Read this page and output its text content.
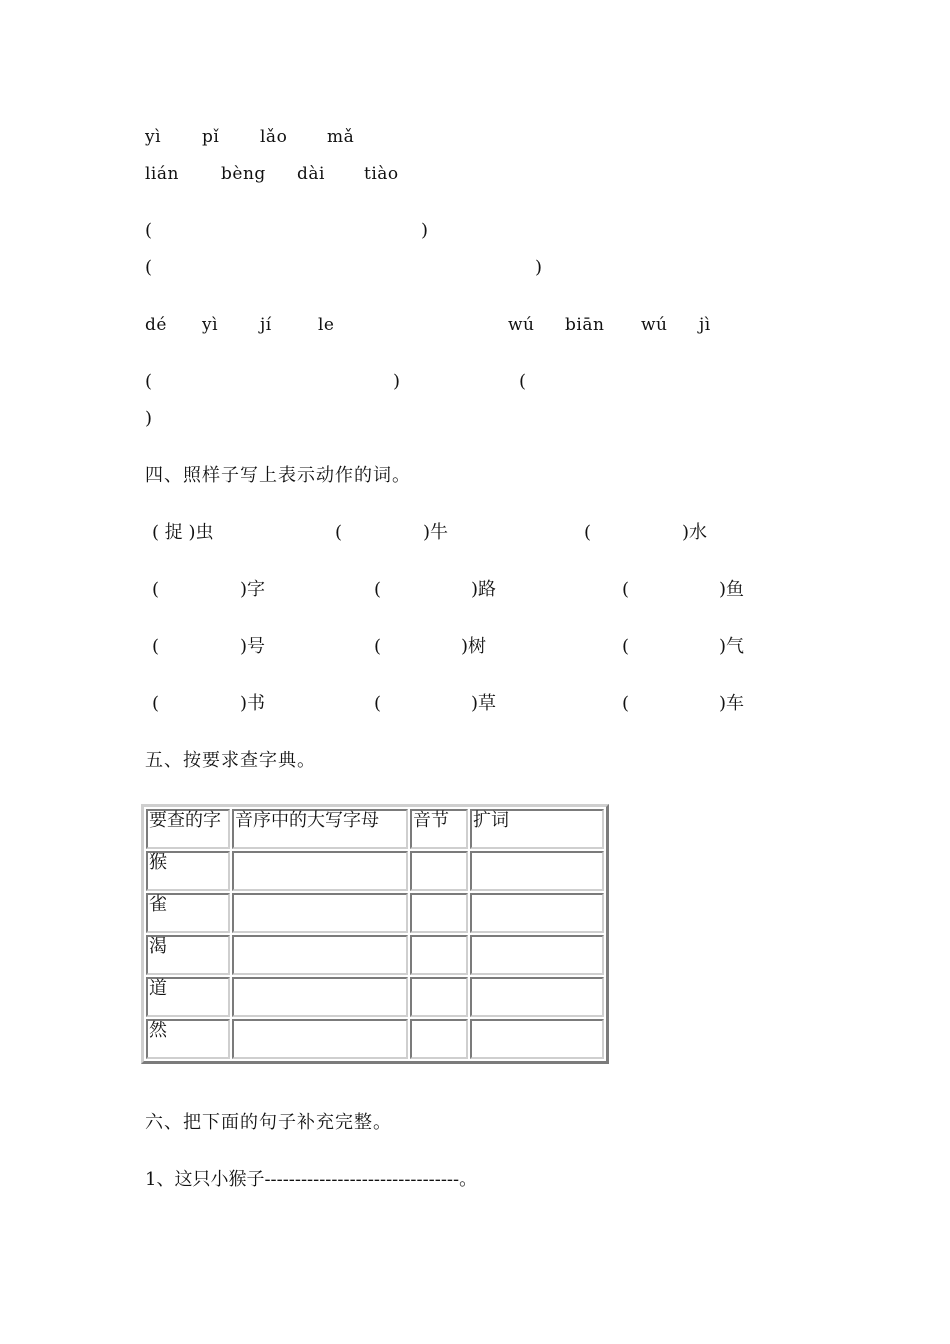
yì pǐ lǎo mǎ
lián bèng dài tiào
(	)
(	)
dé yì jí	le	wú biān wú jì
(	)	(
)
四、照样子写上表示动作的词。
( 捉 )虫	(	)牛	(	)水
(	)字	(	)路	(	)鱼
(	)号	(	)树	(	)气
(	)书	(	)草	(	)车
五、按要求查字典。
要查的字	音序中的大写字母	音节	扩词
猴			
雀			
渴			
道			
然			
六、把下面的句子补充完整。
1、这只小猴子--------------------------------。
